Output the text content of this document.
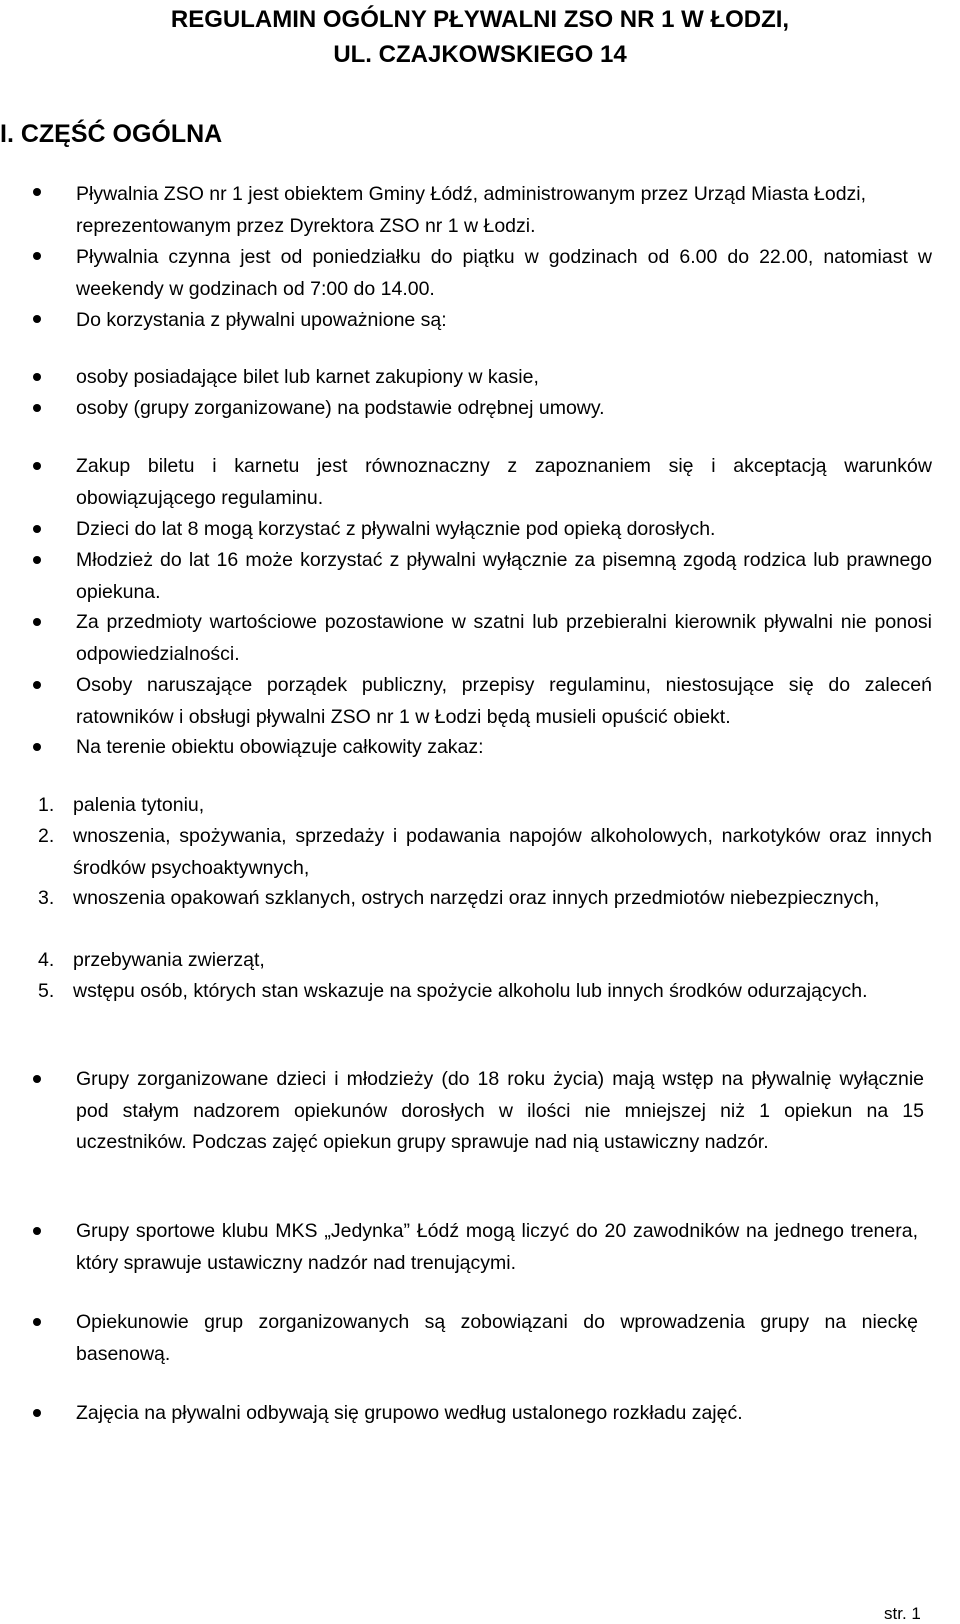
REGULAMIN OGÓLNY PŁYWALNI ZSO NR 1 W ŁODZI,
UL. CZAJKOWSKIEGO 14
I. CZĘŚĆ OGÓLNA

Pływalnia ZSO nr 1 jest obiektem Gminy Łódź, administrowanym przez Urząd Miasta Łodzi, reprezentowanym przez Dyrektora ZSO nr 1 w Łodzi.

Pływalnia czynna jest od poniedziałku do piątku w godzinach od 6.00 do 22.00, natomiast w weekendy w godzinach od 7:00 do 14.00.

Do korzystania z pływalni upoważnione są:

osoby posiadające bilet lub karnet zakupiony w kasie,

osoby (grupy zorganizowane) na podstawie odrębnej umowy.

Zakup biletu i karnetu jest równoznaczny z zapoznaniem się i akceptacją warunków obowiązującego regulaminu.

Dzieci do lat 8 mogą korzystać z pływalni wyłącznie pod opieką dorosłych.

Młodzież do lat 16 może korzystać z pływalni wyłącznie za pisemną zgodą rodzica lub prawnego opiekuna.

Za przedmioty wartościowe pozostawione w szatni lub przebieralni kierownik pływalni nie ponosi odpowiedzialności.

Osoby naruszające porządek publiczny, przepisy regulaminu, niestosujące się do zaleceń ratowników i obsługi pływalni ZSO nr 1 w Łodzi będą musieli opuścić obiekt.

Na terenie obiektu obowiązuje całkowity zakaz:

1. palenia tytoniu,

2. wnoszenia, spożywania, sprzedaży i podawania napojów alkoholowych, narkotyków oraz innych środków psychoaktywnych,

3. wnoszenia opakowań szklanych, ostrych narzędzi oraz innych przedmiotów niebezpiecznych,

4. przebywania zwierząt,

5. wstępu osób, których stan wskazuje na spożycie alkoholu lub innych środków odurzających.

Grupy zorganizowane dzieci i młodzieży (do 18 roku życia) mają wstęp na pływalnię wyłącznie pod stałym nadzorem opiekunów dorosłych w ilości nie mniejszej niż 1 opiekun na 15 uczestników. Podczas zajęć opiekun grupy sprawuje nad nią ustawiczny nadzór.

Grupy sportowe klubu MKS „Jedynka” Łódź mogą liczyć do 20 zawodników na jednego trenera, który sprawuje ustawiczny nadzór nad trenującymi.

Opiekunowie grup zorganizowanych są zobowiązani do wprowadzenia grupy na nieckę basenową.

Zajęcia na pływalni odbywają się grupowo według ustalonego rozkładu zajęć.

str. 1
